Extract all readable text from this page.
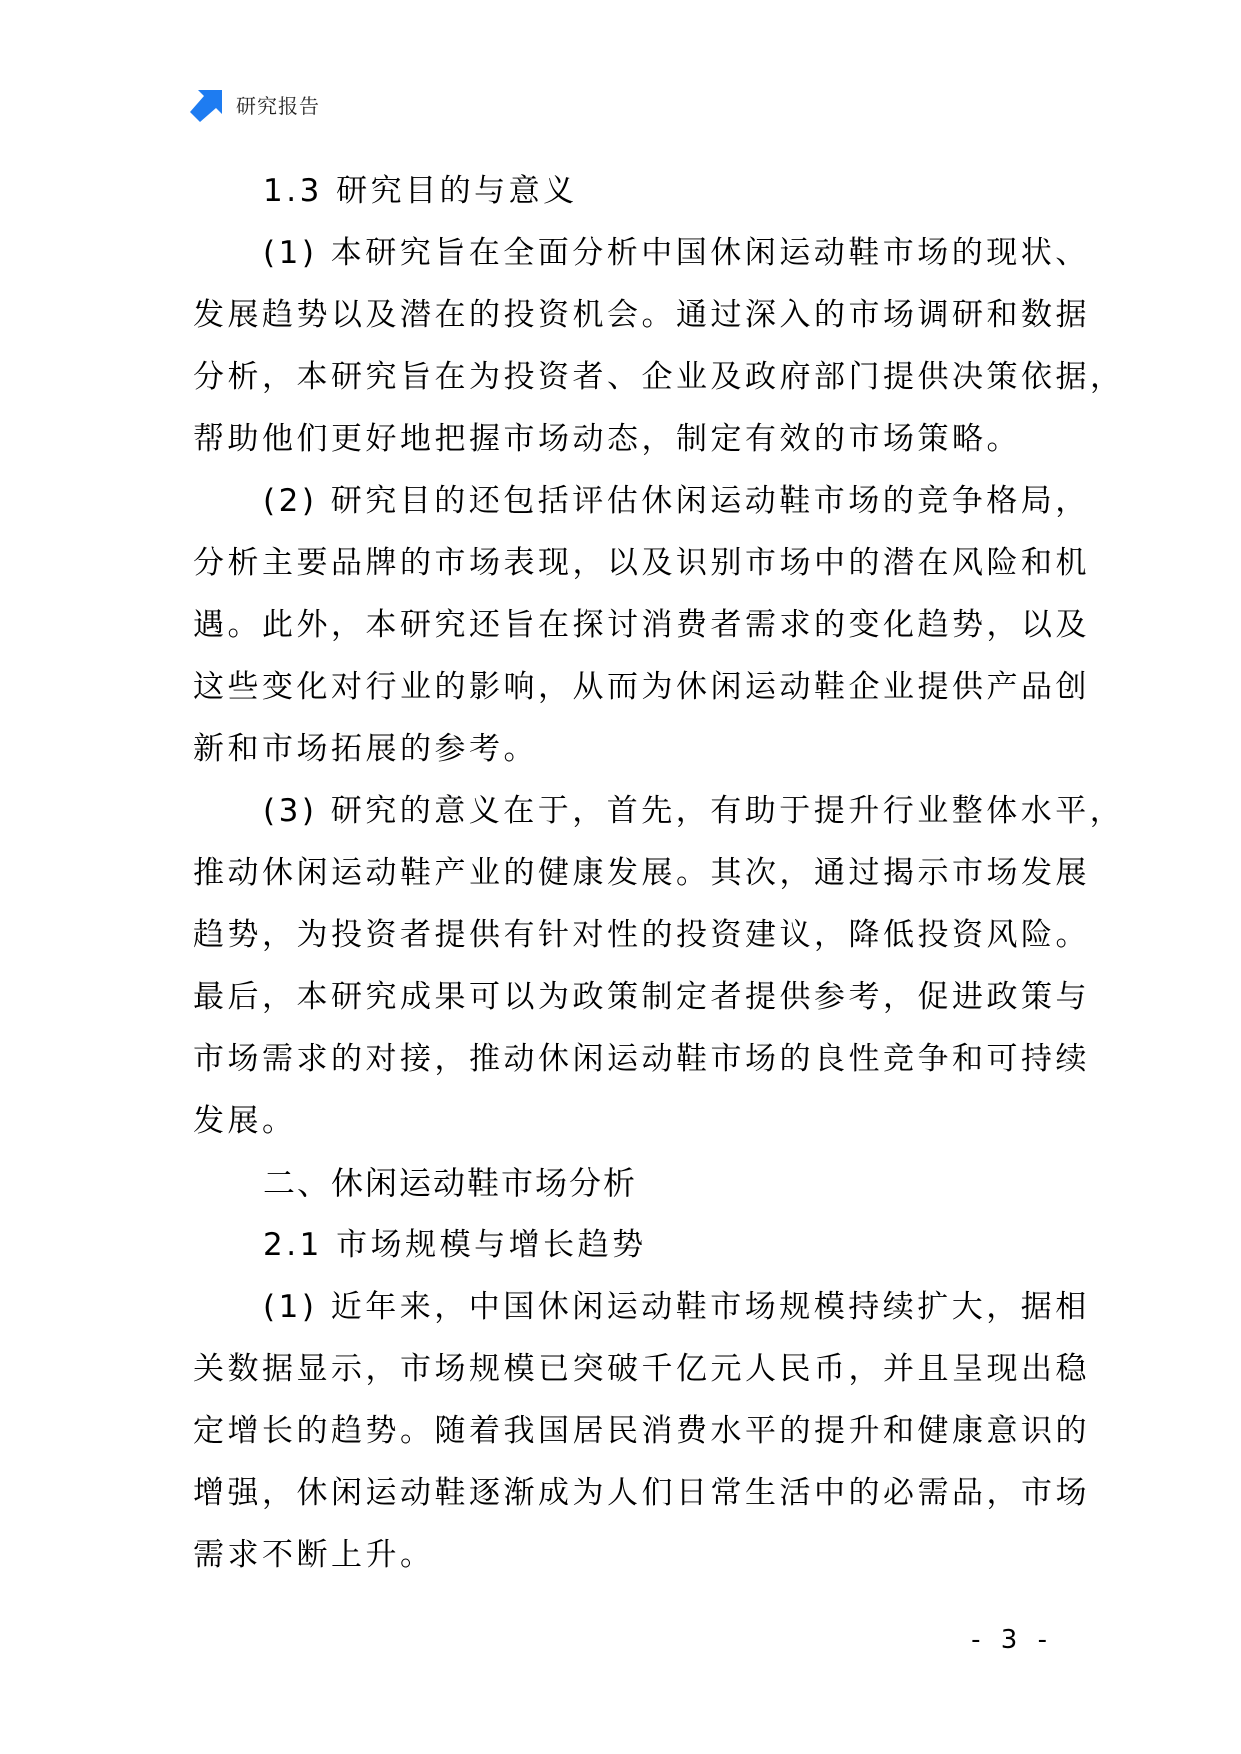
研究报告

1.3 研究目的与意义

(1) 本研究旨在全面分析中国休闲运动鞋市场的现状、

发展趋势以及潜在的投资机会。通过深入的市场调研和数据

分析，本研究旨在为投资者、企业及政府部门提供决策依据，

帮助他们更好地把握市场动态，制定有效的市场策略。

(2) 研究目的还包括评估休闲运动鞋市场的竞争格局，

分析主要品牌的市场表现，以及识别市场中的潜在风险和机

遇。此外，本研究还旨在探讨消费者需求的变化趋势，以及

这些变化对行业的影响，从而为休闲运动鞋企业提供产品创

新和市场拓展的参考。

(3) 研究的意义在于，首先，有助于提升行业整体水平，

推动休闲运动鞋产业的健康发展。其次，通过揭示市场发展

趋势，为投资者提供有针对性的投资建议，降低投资风险。

最后，本研究成果可以为政策制定者提供参考，促进政策与

市场需求的对接，推动休闲运动鞋市场的良性竞争和可持续

发展。

二、休闲运动鞋市场分析

2.1 市场规模与增长趋势

(1) 近年来，中国休闲运动鞋市场规模持续扩大，据相

关数据显示，市场规模已突破千亿元人民币，并且呈现出稳

定增长的趋势。随着我国居民消费水平的提升和健康意识的

增强，休闲运动鞋逐渐成为人们日常生活中的必需品，市场

需求不断上升。

- 3 -
